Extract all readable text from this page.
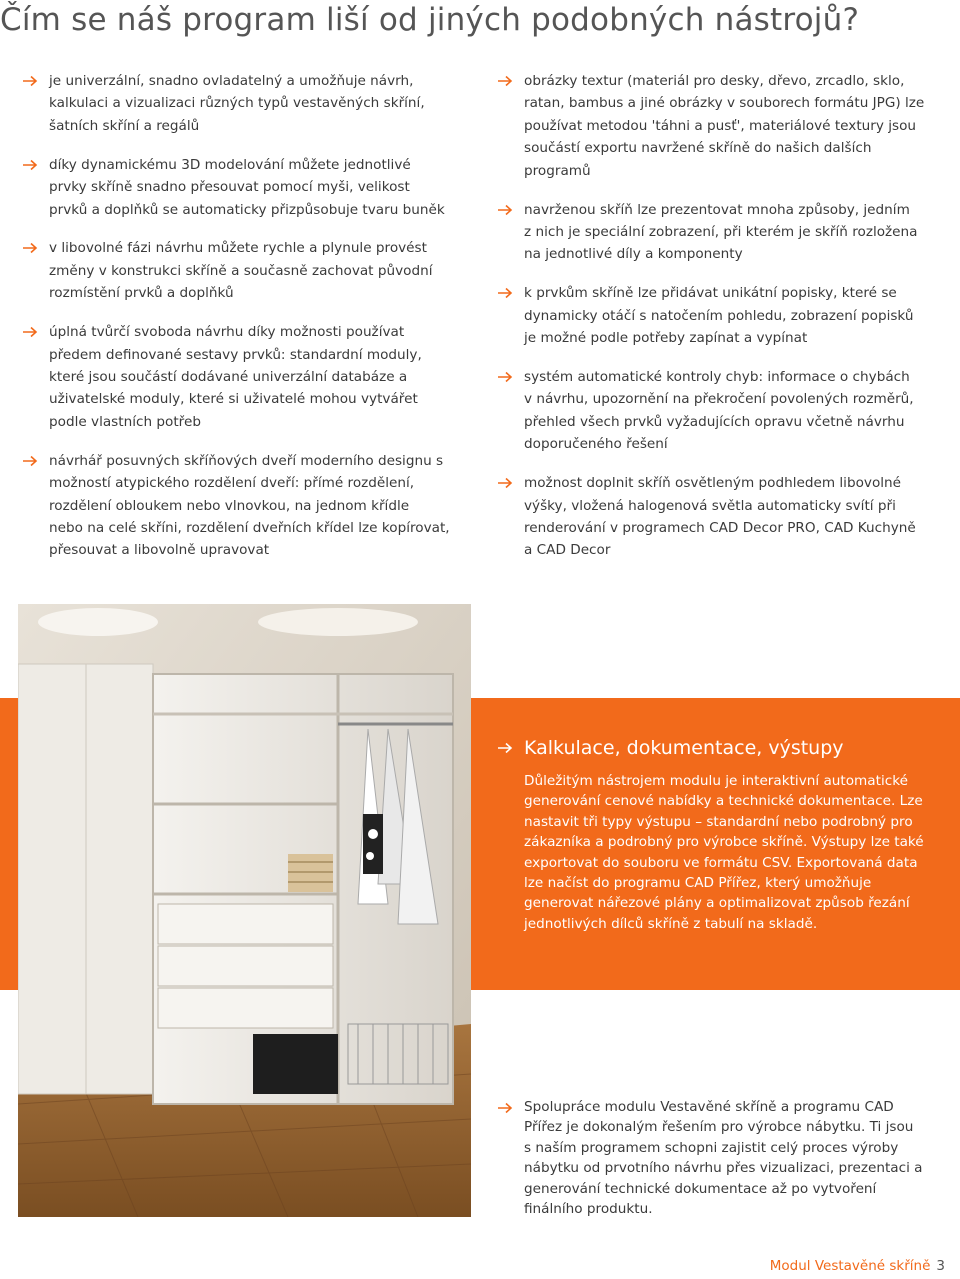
Čím se náš program liší od jiných podobných nástrojů?
je univerzální, snadno ovladatelný a umožňuje návrh,
kalkulaci a vizualizaci různých typů vestavěných skříní,
šatních skříní a regálů
díky dynamickému 3D modelování můžete jednotlivé
prvky skříně snadno přesouvat pomocí myši, velikost
prvků a doplňků se automaticky přizpůsobuje tvaru buněk
v libovolné fázi návrhu můžete rychle a plynule provést
změny v konstrukci skříně a současně zachovat původní
rozmístění prvků a doplňků
úplná tvůrčí svoboda návrhu díky možnosti používat
předem definované sestavy prvků: standardní moduly,
které jsou součástí dodávané univerzální databáze a
uživatelské moduly, které si uživatelé mohou vytvářet
podle vlastních potřeb
návrhář posuvných skříňových dveří moderního designu s
možností atypického rozdělení dveří: přímé rozdělení,
rozdělení obloukem nebo vlnovkou, na jednom křídle
nebo na celé skříni, rozdělení dveřních křídel lze kopírovat,
přesouvat a libovolně upravovat
obrázky textur (materiál pro desky, dřevo, zrcadlo, sklo,
ratan, bambus a jiné obrázky v souborech formátu JPG) lze
používat metodou 'táhni a pusť', materiálové textury jsou
součástí exportu navržené skříně do našich dalších
programů
navrženou skříň lze prezentovat mnoha způsoby, jedním
z nich je speciální zobrazení, při kterém je skříň rozložena
na jednotlivé díly a komponenty
k prvkům skříně lze přidávat unikátní popisky, které se
dynamicky otáčí s natočením pohledu, zobrazení popisků
je možné podle potřeby zapínat a vypínat
systém automatické kontroly chyb: informace o chybách
v návrhu, upozornění na překročení povolených rozměrů,
přehled všech prvků vyžadujících opravu včetně návrhu
doporučeného řešení
možnost doplnit skříň osvětleným podhledem libovolné
výšky, vložená halogenová světla automaticky svítí při
renderování v programech CAD Decor PRO, CAD Kuchyně
a CAD Decor
Kalkulace, dokumentace, výstupy
Důležitým nástrojem modulu je interaktivní automatické
generování cenové nabídky a technické dokumentace. Lze
nastavit tři typy výstupu – standardní nebo podrobný pro
zákazníka a podrobný pro výrobce skříně. Výstupy lze také
exportovat do souboru ve formátu CSV. Exportovaná data
lze načíst do programu CAD Přířez, který umožňuje
generovat nářezové plány a optimalizovat způsob řezání
jednotlivých dílců skříně z tabulí na skladě.
Spolupráce modulu Vestavěné skříně a programu CAD
Přířez je dokonalým řešením pro výrobce nábytku. Ti jsou
s naším programem schopni zajistit celý proces výroby
nábytku od prvotního návrhu přes vizualizaci, prezentaci a
generování technické dokumentace až po vytvoření
finálního produktu.
Modul Vestavěné skříně 3
